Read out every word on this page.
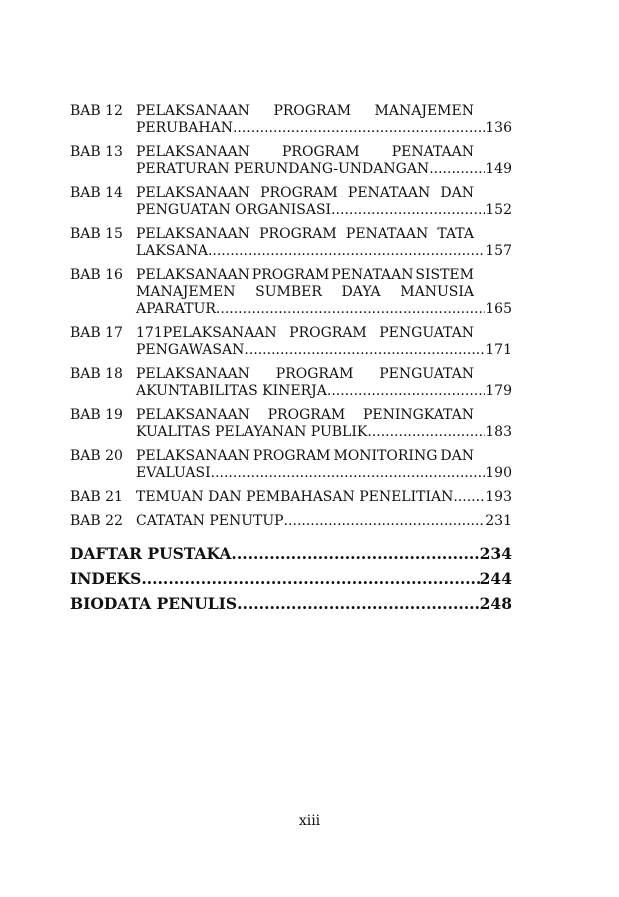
BAB 12 PELAKSANAAN PROGRAM MANAJEMEN
PERUBAHAN .....	136
BAB 13 PELAKSANAAN PROGRAM PENATAAN
PERATURAN PERUNDANG-UNDANGAN .....	149
BAB 14 PELAKSANAAN PROGRAM PENATAAN DAN
PENGUATAN ORGANISASI .....	152
BAB 15 PELAKSANAAN PROGRAM PENATAAN TATA
LAKSANA .....	157
BAB 16 PELAKSANAAN PROGRAM PENATAAN SISTEM
MANAJEMEN SUMBER DAYA MANUSIA
APARATUR .....	165
BAB 17 171PELAKSANAAN PROGRAM PENGUATAN
PENGAWASAN .....	171
BAB 18 PELAKSANAAN PROGRAM PENGUATAN
AKUNTABILITAS KINERJA .....	179
BAB 19 PELAKSANAAN PROGRAM PENINGKATAN
KUALITAS PELAYANAN PUBLIK .....	183
BAB 20 PELAKSANAAN PROGRAM MONITORING DAN
EVALUASI .....	190
BAB 21 TEMUAN DAN PEMBAHASAN PENELITIAN ..... 193
BAB 22 CATATAN PENUTUP .....	231
DAFTAR PUSTAKA .....	234
INDEKS .....	244
BIODATA PENULIS .....	248
xiii
